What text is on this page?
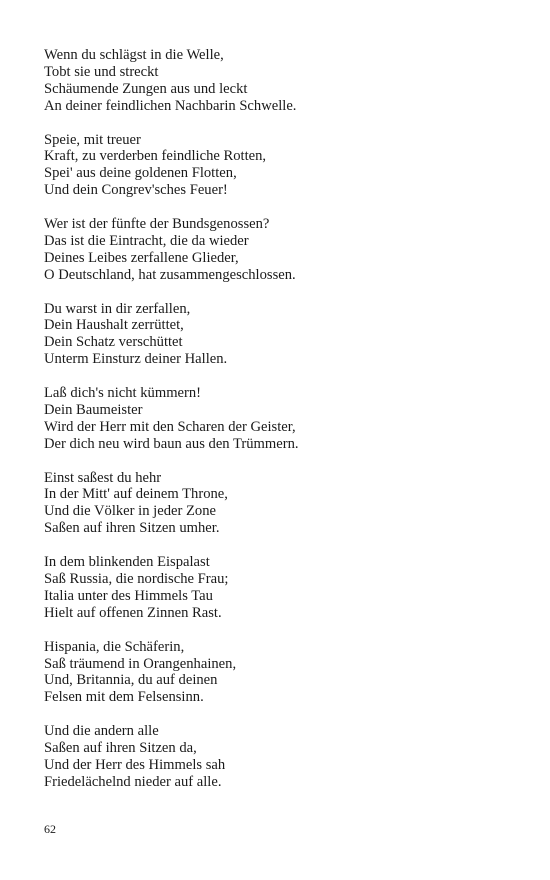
Wenn du schlägst in die Welle,
Tobt sie und streckt
Schäumende Zungen aus und leckt
An deiner feindlichen Nachbarin Schwelle.
Speie, mit treuer
Kraft, zu verderben feindliche Rotten,
Spei' aus deine goldenen Flotten,
Und dein Congrev'sches Feuer!
Wer ist der fünfte der Bundsgenossen?
Das ist die Eintracht, die da wieder
Deines Leibes zerfallene Glieder,
O Deutschland, hat zusammengeschlossen.
Du warst in dir zerfallen,
Dein Haushalt zerrüttet,
Dein Schatz verschüttet
Unterm Einsturz deiner Hallen.
Laß dich's nicht kümmern!
Dein Baumeister
Wird der Herr mit den Scharen der Geister,
Der dich neu wird baun aus den Trümmern.
Einst saßest du hehr
In der Mitt' auf deinem Throne,
Und die Völker in jeder Zone
Saßen auf ihren Sitzen umher.
In dem blinkenden Eispalast
Saß Russia, die nordische Frau;
Italia unter des Himmels Tau
Hielt auf offenen Zinnen Rast.
Hispania, die Schäferin,
Saß träumend in Orangenhainen,
Und, Britannia, du auf deinen
Felsen mit dem Felsensinn.
Und die andern alle
Saßen auf ihren Sitzen da,
Und der Herr des Himmels sah
Friedelächelnd nieder auf alle.
62
